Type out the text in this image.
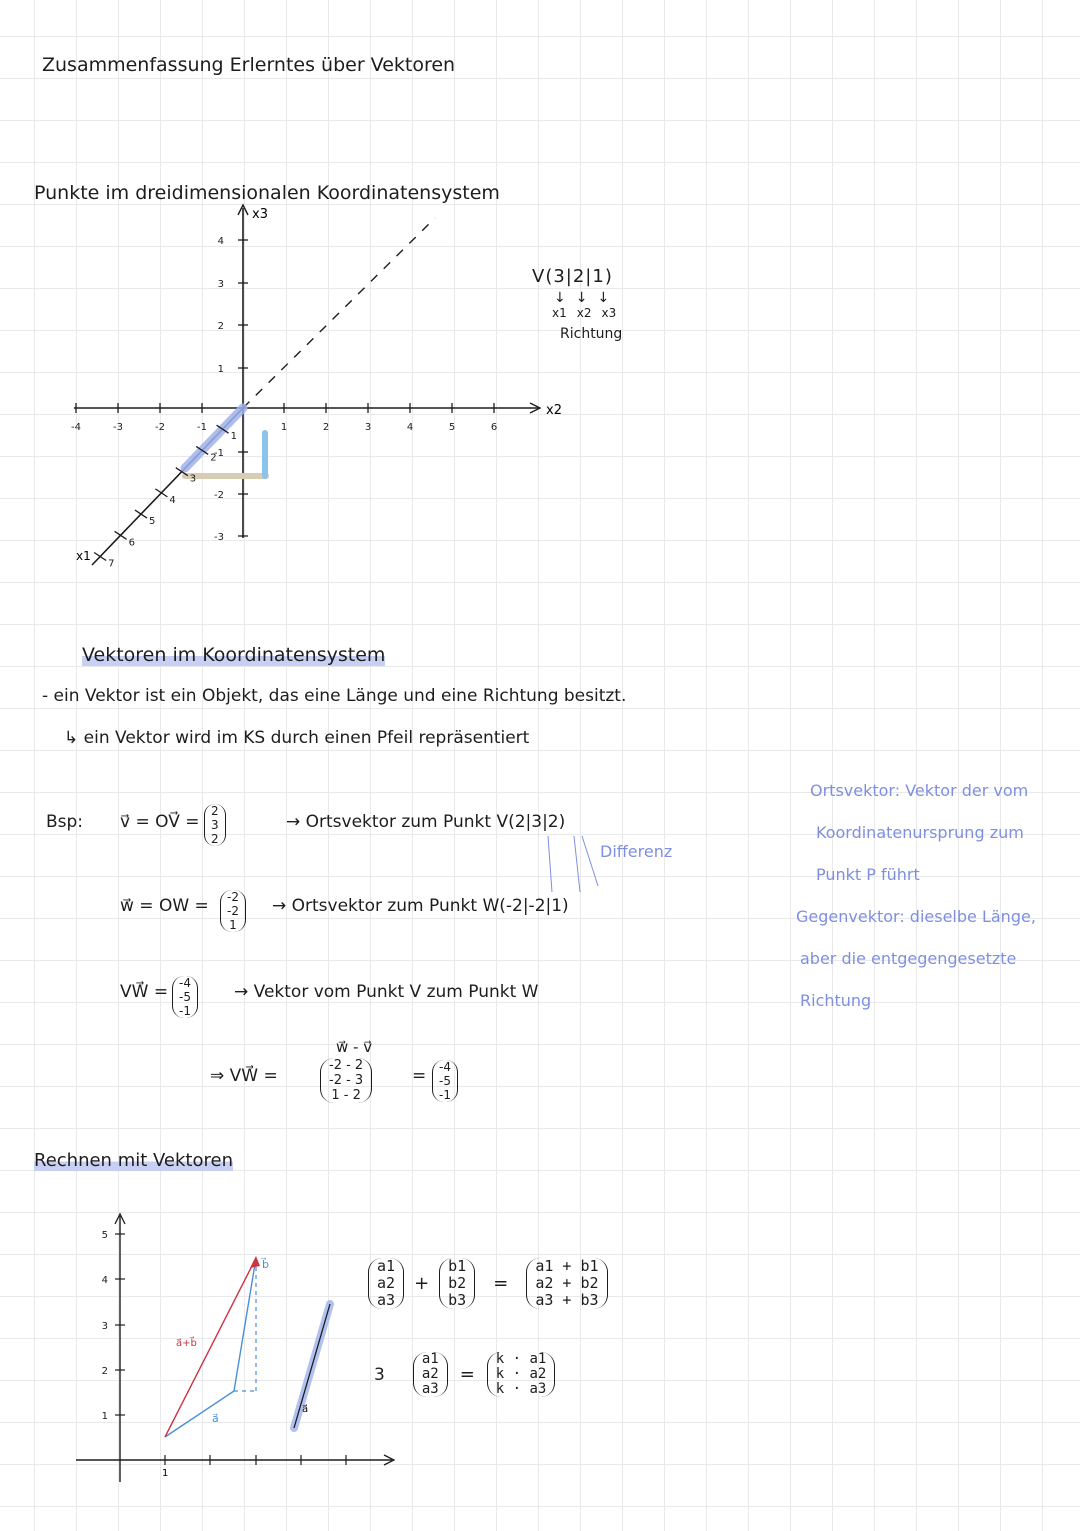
Zusammenfassung Erlerntes über Vektoren
Punkte im dreidimensionalen Koordinatensystem
4
3
2
1
-1
-2
-3
-4	-3	-2	-1	1	2	3	4	5	6
1
2
3
4
5
6
7
x3
x2
x1
V(3|2|1)
↓↓↓
x1 x2 x3
Richtung
Vektoren im Koordinatensystem
- ein Vektor ist ein Objekt, das eine Länge und eine Richtung besitzt.
↳ ein Vektor wird im KS durch einen Pfeil repräsentiert
Bsp: v⃗ = OV⃗ =
2
3
2
→ Ortsvektor zum Punkt V(2|3|2)
Differenz
w⃗ = OW = -2
-2
1
→ Ortsvektor zum Punkt W(-2|-2|1)
VW⃗ = -4
-5
-1
→ Vektor vom Punkt V zum Punkt W
w⃗ - v⃗
⇒ VW⃗ =
-2 - 2
-2 - 3
1 - 2
= -4
-5
-1
Ortsvektor: Vektor der vom
Koordinatenursprung zum
Punkt P führt
Gegenvektor: dieselbe Länge,
aber die entgegengesetzte
Richtung
Rechnen mit Vektoren
5
4
3
2
1
1
b⃗
a⃗+b⃗
a⃗
a⃗
a1
a2
a3
+
b1
b2
b3
=
a1 + b1
a2 + b2
a3 + b3
3
a1
a2
a3
=
k · a1
k · a2
k · a3
